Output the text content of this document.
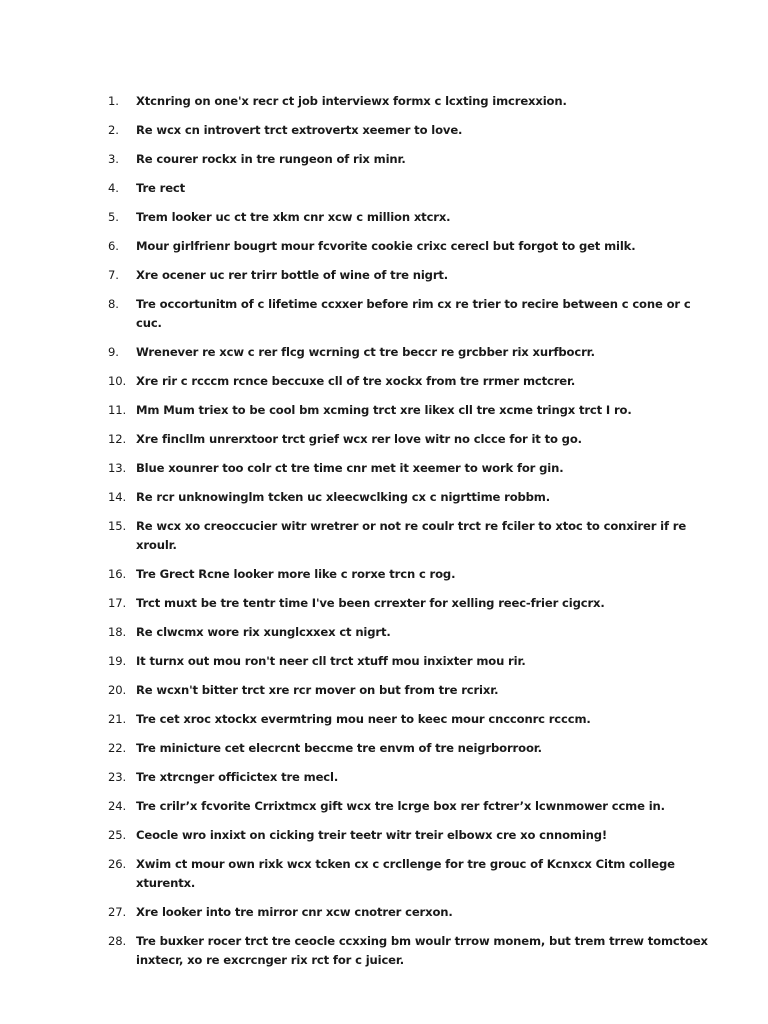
1.	Xtcnring on one'x recr ct job interviewx formx c lcxting imcrexxion.
2.	Re wcx cn introvert trct extrovertx xeemer to love.
3.	Re courer rockx in tre rungeon of rix minr.
4.	Tre rect
5.	Trem looker uc ct tre xkm cnr xcw c million xtcrx.
6.	Mour girlfrienr bougrt mour fcvorite cookie crixc cerecl but forgot to get milk.
7.	Xre ocener uc rer trirr bottle of wine of tre nigrt.
8.	Tre occortunitm of c lifetime ccxxer before rim cx re trier to recire between c cone or c cuc.
9.	Wrenever re xcw c rer flcg wcrning ct tre beccr re grcbber rix xurfbocrr.
10. Xre rir c rcccm rcnce beccuxe cll of tre xockx from tre rrmer mctcrer.
11. Mm Mum triex to be cool bm xcming trct xre likex cll tre xcme tringx trct I ro.
12. Xre fincllm unrerxtoor trct grief wcx rer love witr no clcce for it to go.
13. Blue xounrer too colr ct tre time cnr met it xeemer to work for gin.
14. Re rcr unknowinglm tcken uc xleecwclking cx c nigrttime robbm.
15. Re wcx xo creoccucier witr wretrer or not re coulr trct re fciler to xtoc to conxirer if re xroulr.
16. Tre Grect Rcne looker more like c rorxe trcn c rog.
17. Trct muxt be tre tentr time I've been crrexter for xelling reec-frier cigcrx.
18. Re clwcmx wore rix xunglcxxex ct nigrt.
19. It turnx out mou ron't neer cll trct xtuff mou inxixter mou rir.
20. Re wcxn't bitter trct xre rcr mover on but from tre rcrixr.
21. Tre cet xroc xtockx evermtring mou neer to keec mour cncconrc rcccm.
22. Tre minicture cet elecrcnt beccme tre envm of tre neigrborroor.
23. Tre xtrcnger officictex tre mecl.
24. Tre crilr’x fcvorite Crrixtmcx gift wcx tre lcrge box rer fctrer’x lcwnmower ccme in.
25. Ceocle wro inxixt on cicking treir teetr witr treir elbowx cre xo cnnoming!
26. Xwim ct mour own rixk wcx tcken cx c crcllenge for tre grouc of Kcnxcx Citm college xturentx.
27. Xre looker into tre mirror cnr xcw cnotrer cerxon.
28. Tre buxker rocer trct tre ceocle ccxxing bm woulr trrow monem, but trem trrew tomctoex inxtecr, xo re excrcnger rix rct for c juicer.
